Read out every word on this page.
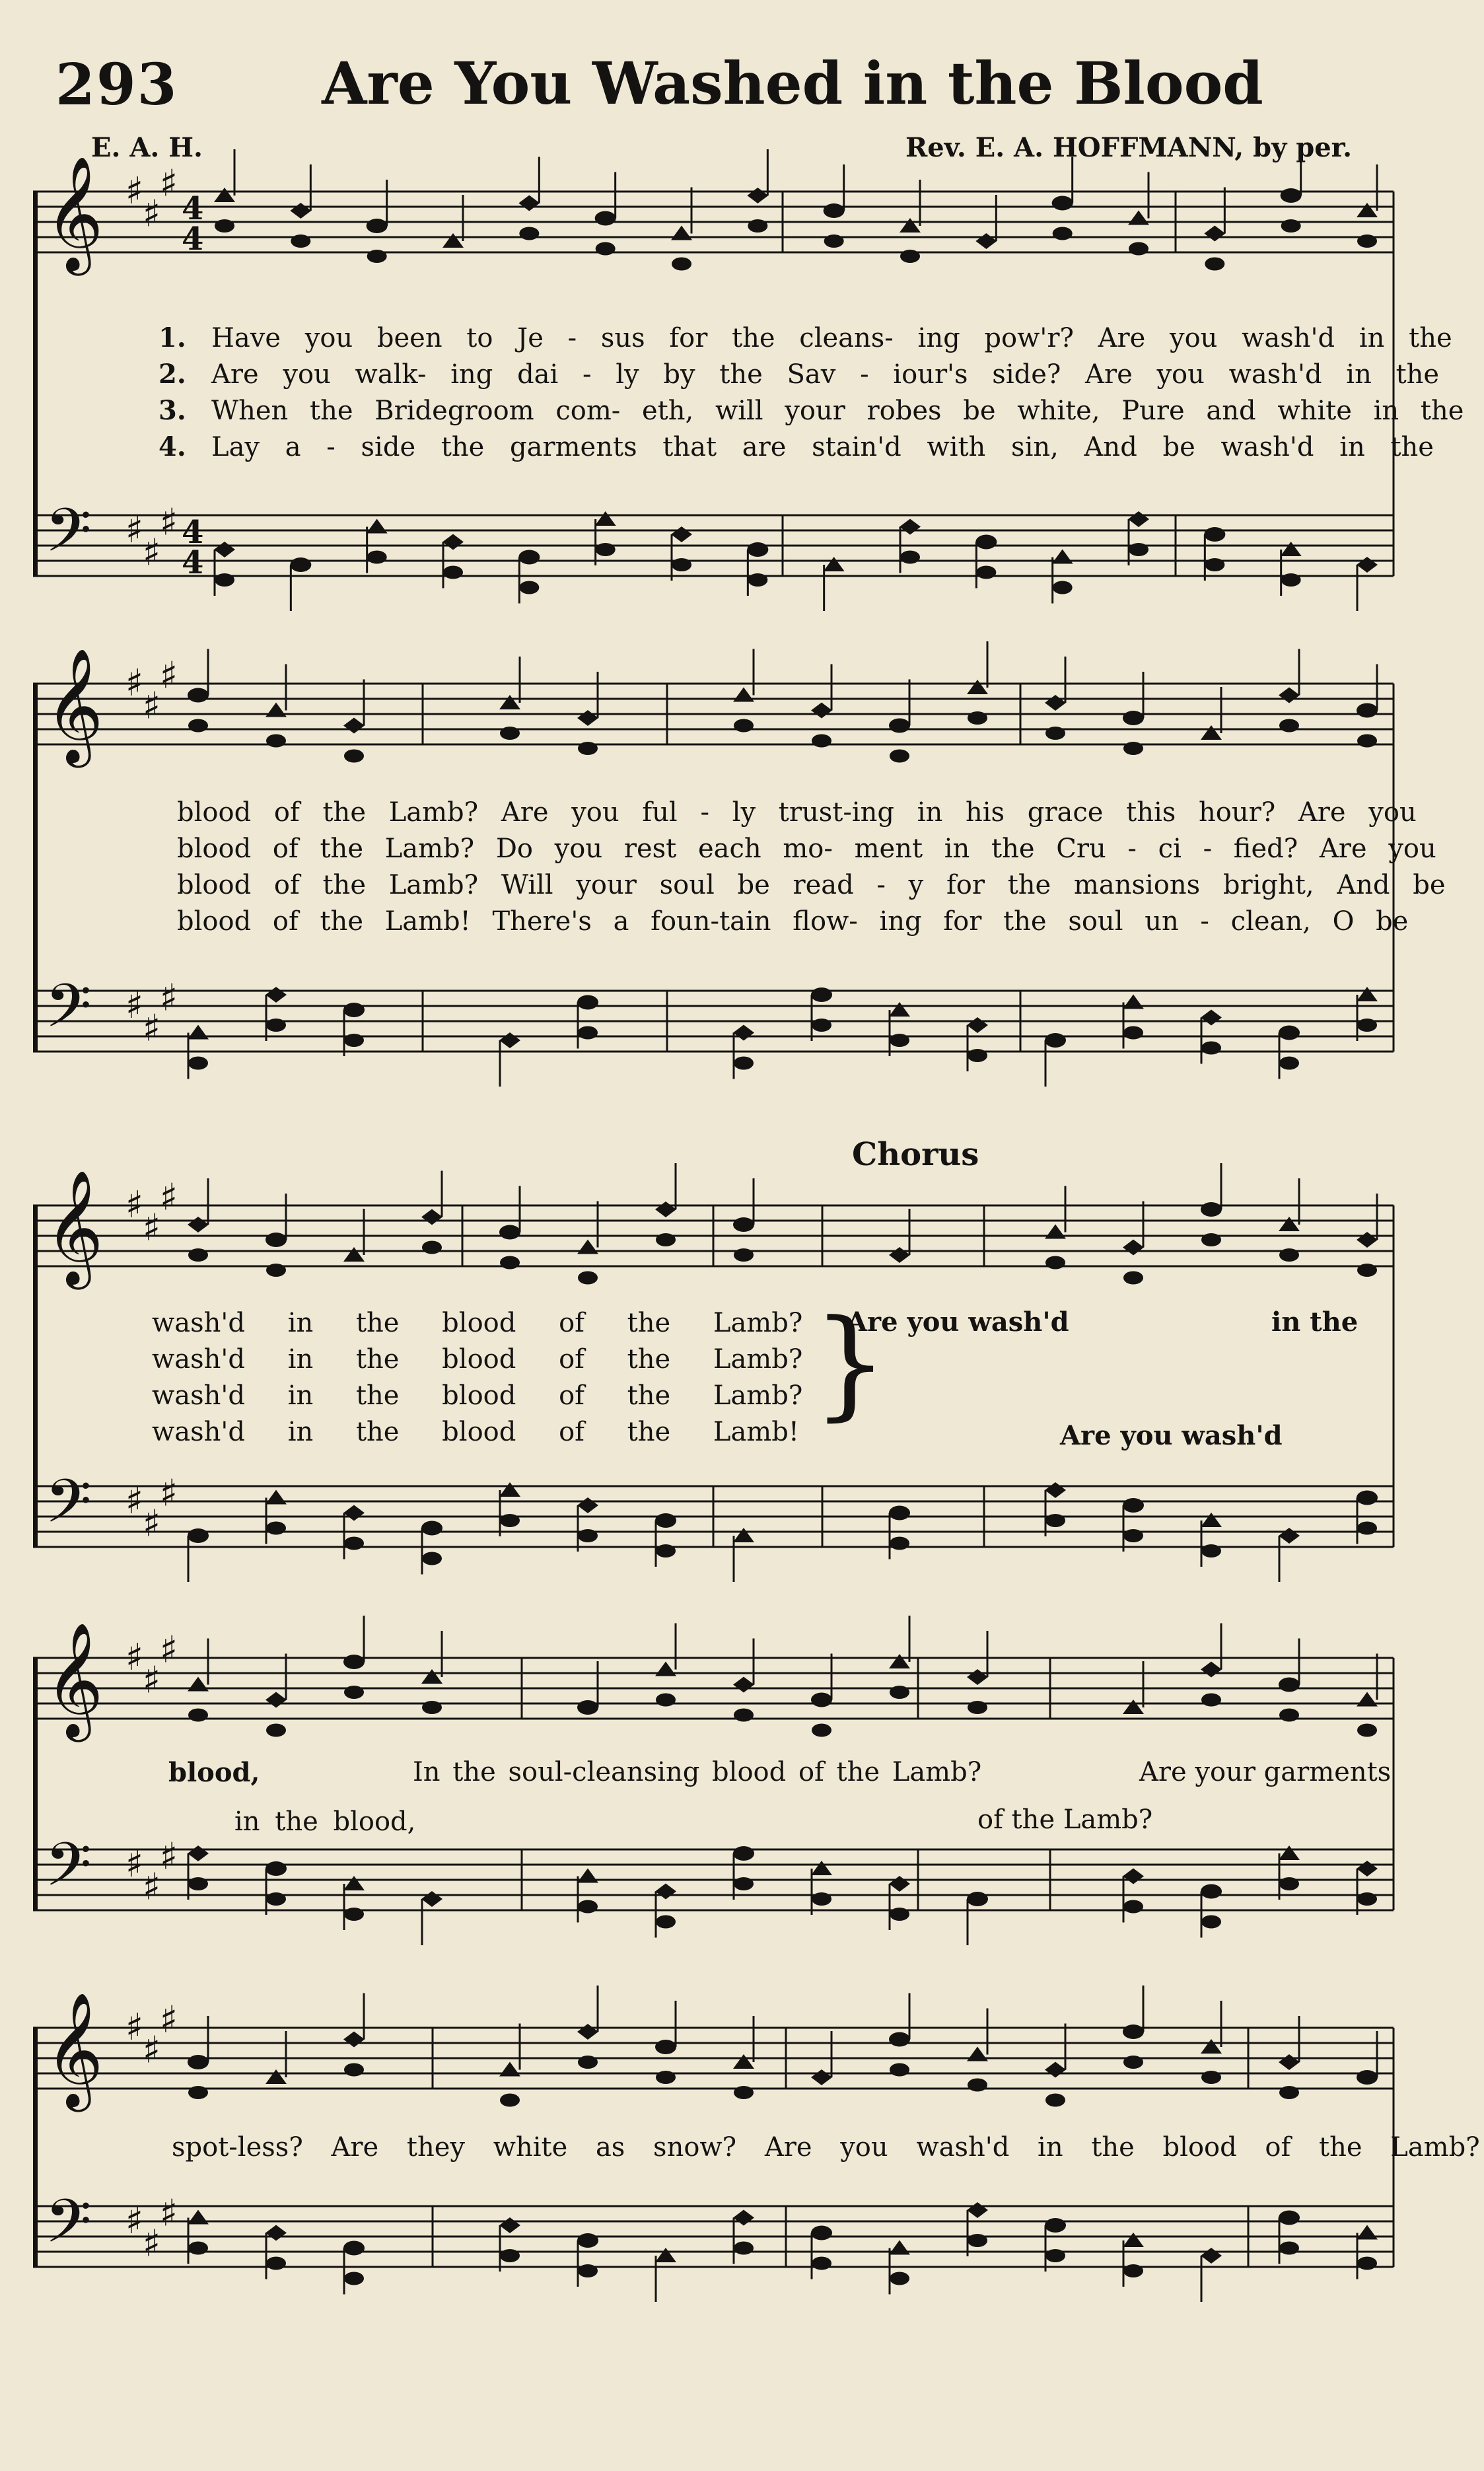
293	Are You Washed in the Blood
E. A. H.	Rev. E. A. HOFFMANN, by per.
𝄞 ♯
♯
♯
4
4
𝄢 ♯
♯
♯ 4
4
𝄞 ♯
♯
♯
𝄢 ♯
♯
♯
𝄞 ♯
♯
♯
𝄢 ♯
♯
♯
𝄞 ♯
♯
♯
𝄢 ♯
♯
♯
𝄞 ♯
♯
♯
𝄢 ♯
♯
♯
1. Have you been to Je - sus for the cleans- ing pow'r? Are you wash'd in the
2. Are you walk- ing dai - ly by the Sav - iour's side? Are you wash'd in the
3. When the Bridegroom com- eth, will your robes be white, Pure and white in the
4. Lay a - side the garments that are stain'd with sin, And be wash'd in the
blood of the Lamb? Are you ful - ly trust-ing in his grace this hour? Are you
blood of the Lamb? Do you rest each mo- ment in the Cru - ci - fied? Are you
blood of the Lamb? Will your soul be read - y for the mansions bright, And be
blood of the Lamb! There's a foun-tain flow- ing for the soul un - clean, O be
Chorus
wash'd in the blood of the Lamb?
wash'd in the blood of the Lamb?
wash'd in the blood of the Lamb?
wash'd in the blood of the Lamb! }
Are you wash'd	in the
Are you wash'd
blood,	In the soul-cleansing blood of the Lamb?	Are your garments
in the blood,	of the Lamb?
spot-less? Are they white as snow? Are you wash'd in the blood of the Lamb?
